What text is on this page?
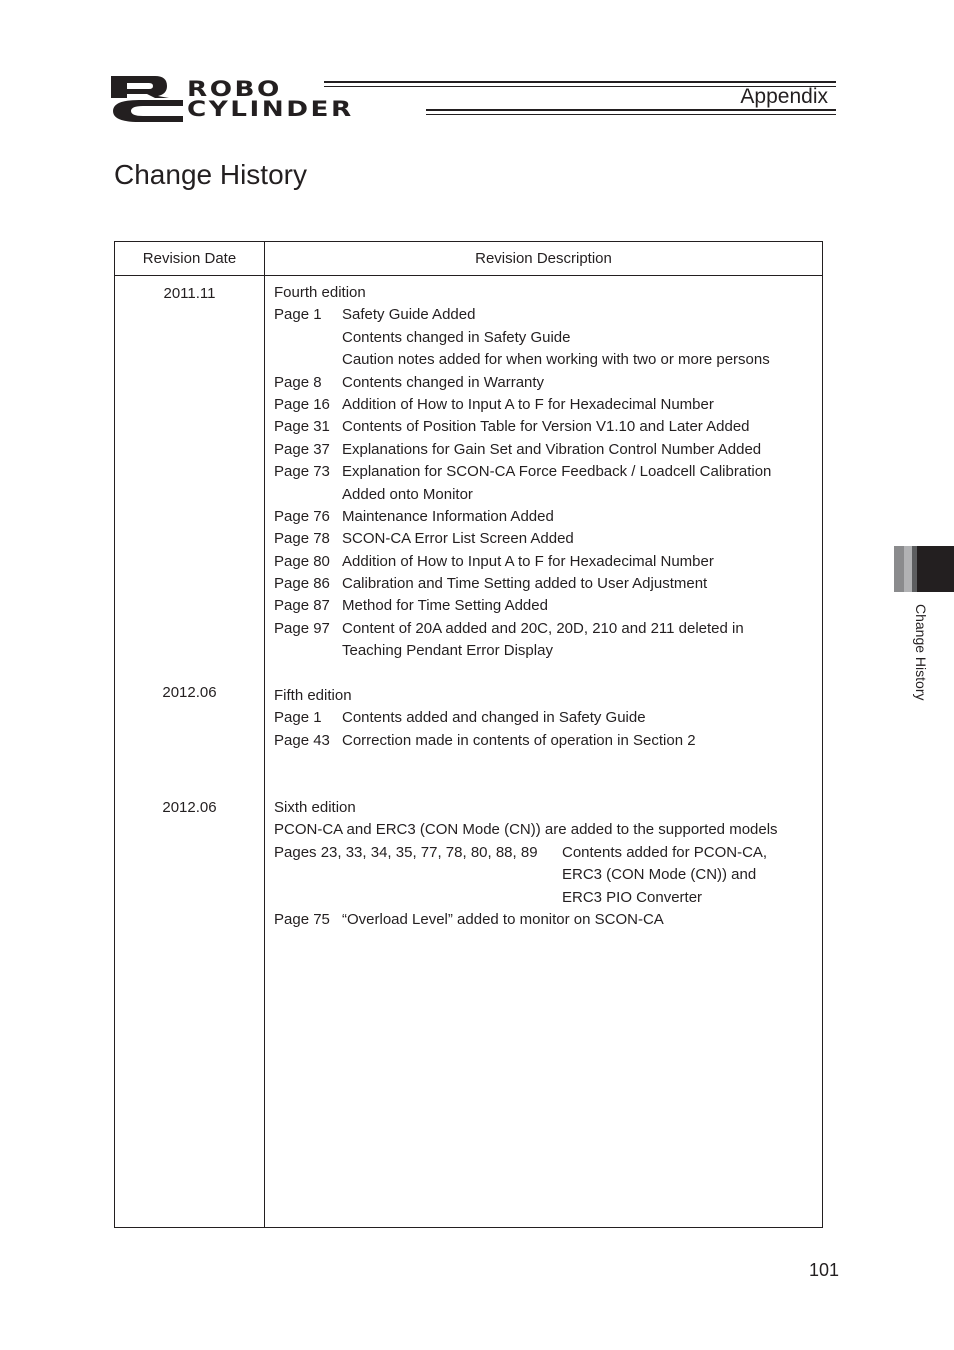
ROBO
CYLINDER
Appendix
Change History
Revision Date	Revision Description
2011.11	Fourth edition
Page 1 Safety Guide Added
Contents changed in Safety Guide
Caution notes added for when working with two or more persons
Page 8 Contents changed in Warranty
Page 16 Addition of How to Input A to F for Hexadecimal Number
Page 31 Contents of Position Table for Version V1.10 and Later Added
Page 37 Explanations for Gain Set and Vibration Control Number Added
Page 73 Explanation for SCON-CA Force Feedback / Loadcell Calibration
Added onto Monitor
Page 76 Maintenance Information Added
Page 78 SCON-CA Error List Screen Added
Page 80 Addition of How to Input A to F for Hexadecimal Number
Page 86 Calibration and Time Setting added to User Adjustment
Page 87 Method for Time Setting Added
Page 97 Content of 20A added and 20C, 20D, 210 and 211 deleted in
Teaching Pendant Error Display
2012.06	Fifth edition
Page 1 Contents added and changed in Safety Guide
Page 43 Correction made in contents of operation in Section 2
2012.06	Sixth edition
PCON-CA and ERC3 (CON Mode (CN)) are added to the supported models
Pages 23, 33, 34, 35, 77, 78, 80, 88, 89 Contents added for PCON-CA,
ERC3 (CON Mode (CN)) and
ERC3 PIO Converter
Page 75 “Overload Level” added to monitor on SCON-CA
Change History
101
